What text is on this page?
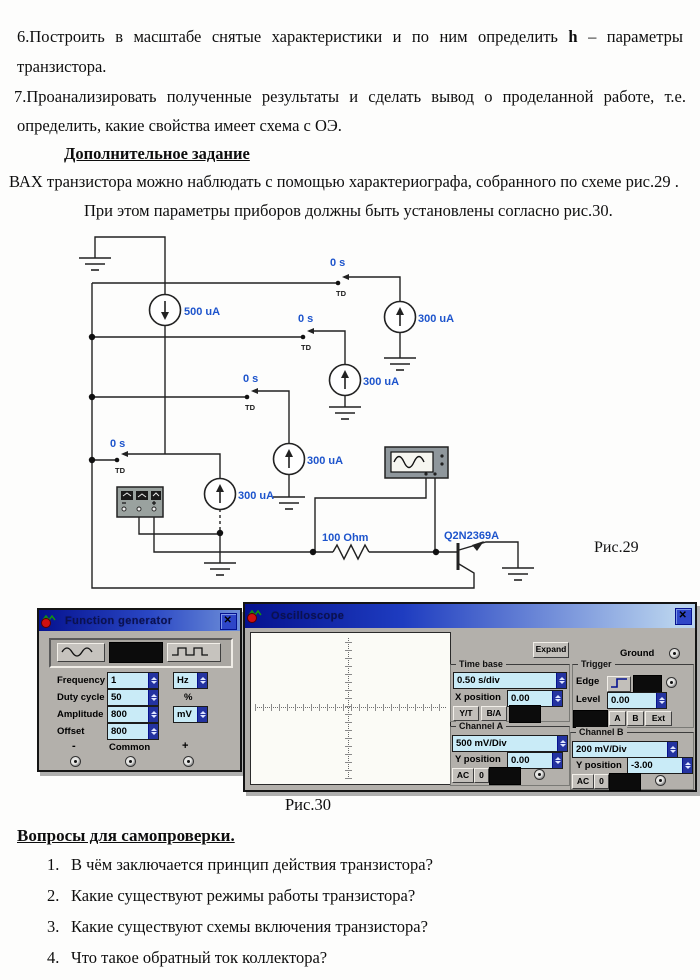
6.Построить в масштабе снятые характеристики и по ним определить h – параметры
транзистора.
7.Проанализировать полученные результаты и сделать вывод о проделанной работе, т.е.
определить, какие свойства имеет схема с ОЭ.
Дополнительное задание
ВАХ транзистора можно наблюдать с помощью характериографа, собранного по схеме рис.29 .
При этом параметры приборов должны быть установлены согласно рис.30.
500 uA
300 uA
300 uA
300 uA
300 uA
0 s
TD
0 s
TD
0 s
TD
0 s
TD
100 Ohm	Q2N2369A
Рис.29
Function generator
✕
Frequency 1	Hz
Duty cycle 50	%
Amplitude 800	mV
Offset	800
-	Common	+
Oscilloscope
✕
Expand	Ground
Time base
0.50 s/div
X position	0.00
Y/T	B/A
Channel A
500 mV/Div
Y position	0.00
AC	0
Trigger
Edge
Level	0.00
A	B	Ext
Channel B
200 mV/Div
Y position -3.00
AC	0
Рис.30
Вопросы для самопроверки.
1. В чём заключается принцип действия транзистора?
2. Какие существуют режимы работы транзистора?
3. Какие существуют схемы включения транзистора?
4. Что такое обратный ток коллектора?
